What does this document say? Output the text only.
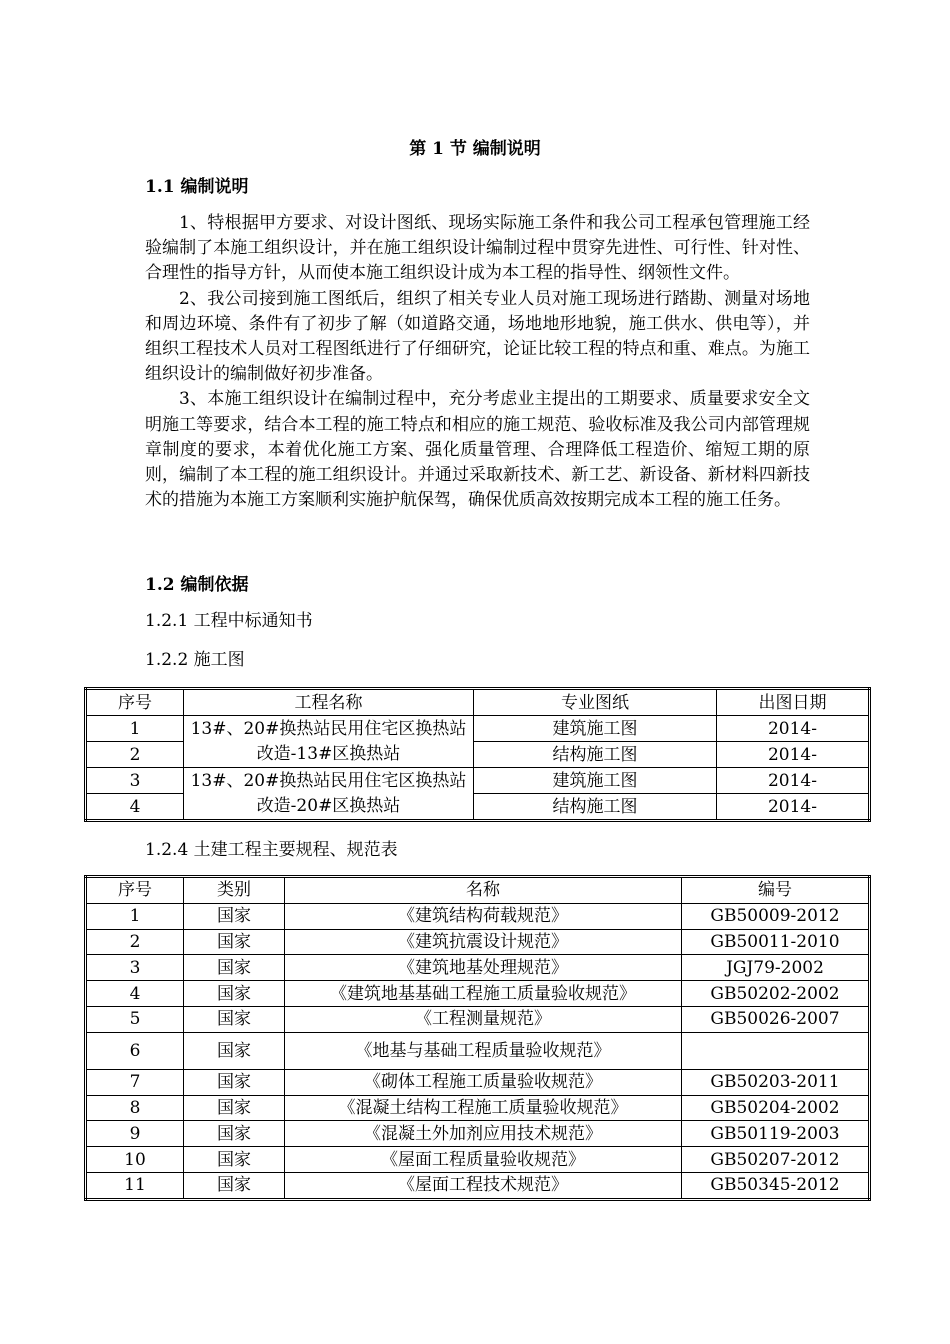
第 1 节 编制说明
1.1 编制说明

1、特根据甲方要求、对设计图纸、现场实际施工条件和我公司工程承包管理施工经验编制了本施工组织设计，并在施工组织设计编制过程中贯穿先进性、可行性、针对性、合理性的指导方针，从而使本施工组织设计成为本工程的指导性、纲领性文件。

2、我公司接到施工图纸后，组织了相关专业人员对施工现场进行踏勘、测量对场地和周边环境、条件有了初步了解（如道路交通，场地地形地貌，施工供水、供电等），并组织工程技术人员对工程图纸进行了仔细研究，论证比较工程的特点和重、难点。为施工组织设计的编制做好初步准备。

3、本施工组织设计在编制过程中，充分考虑业主提出的工期要求、质量要求安全文明施工等要求，结合本工程的施工特点和相应的施工规范、验收标准及我公司内部管理规章制度的要求，本着优化施工方案、强化质量管理、合理降低工程造价、缩短工期的原则，编制了本工程的施工组织设计。并通过采取新技术、新工艺、新设备、新材料四新技术的措施为本施工方案顺利实施护航保驾，确保优质高效按期完成本工程的施工任务。

1.2 编制依据
1.2.1 工程中标通知书
1.2.2 施工图
序号	工程名称	专业图纸	出图日期
1	13#、20#换热站民用住宅区换热站改造-13#区换热站	建筑施工图	2014-
2		结构施工图	2014-
3	13#、20#换热站民用住宅区换热站改造-20#区换热站	建筑施工图	2014-
4		结构施工图	2014-
1.2.4 土建工程主要规程、规范表
序号	类别	名称	编号
1	国家	《建筑结构荷载规范》	GB50009-2012
2	国家	《建筑抗震设计规范》	GB50011-2010
3	国家	《建筑地基处理规范》	JGJ79-2002
4	国家	《建筑地基基础工程施工质量验收规范》	GB50202-2002
5	国家	《工程测量规范》	GB50026-2007
6	国家	《地基与基础工程质量验收规范》	
7	国家	《砌体工程施工质量验收规范》	GB50203-2011
8	国家	《混凝土结构工程施工质量验收规范》	GB50204-2002
9	国家	《混凝土外加剂应用技术规范》	GB50119-2003
10	国家	《屋面工程质量验收规范》	GB50207-2012
11	国家	《屋面工程技术规范》	GB50345-2012
